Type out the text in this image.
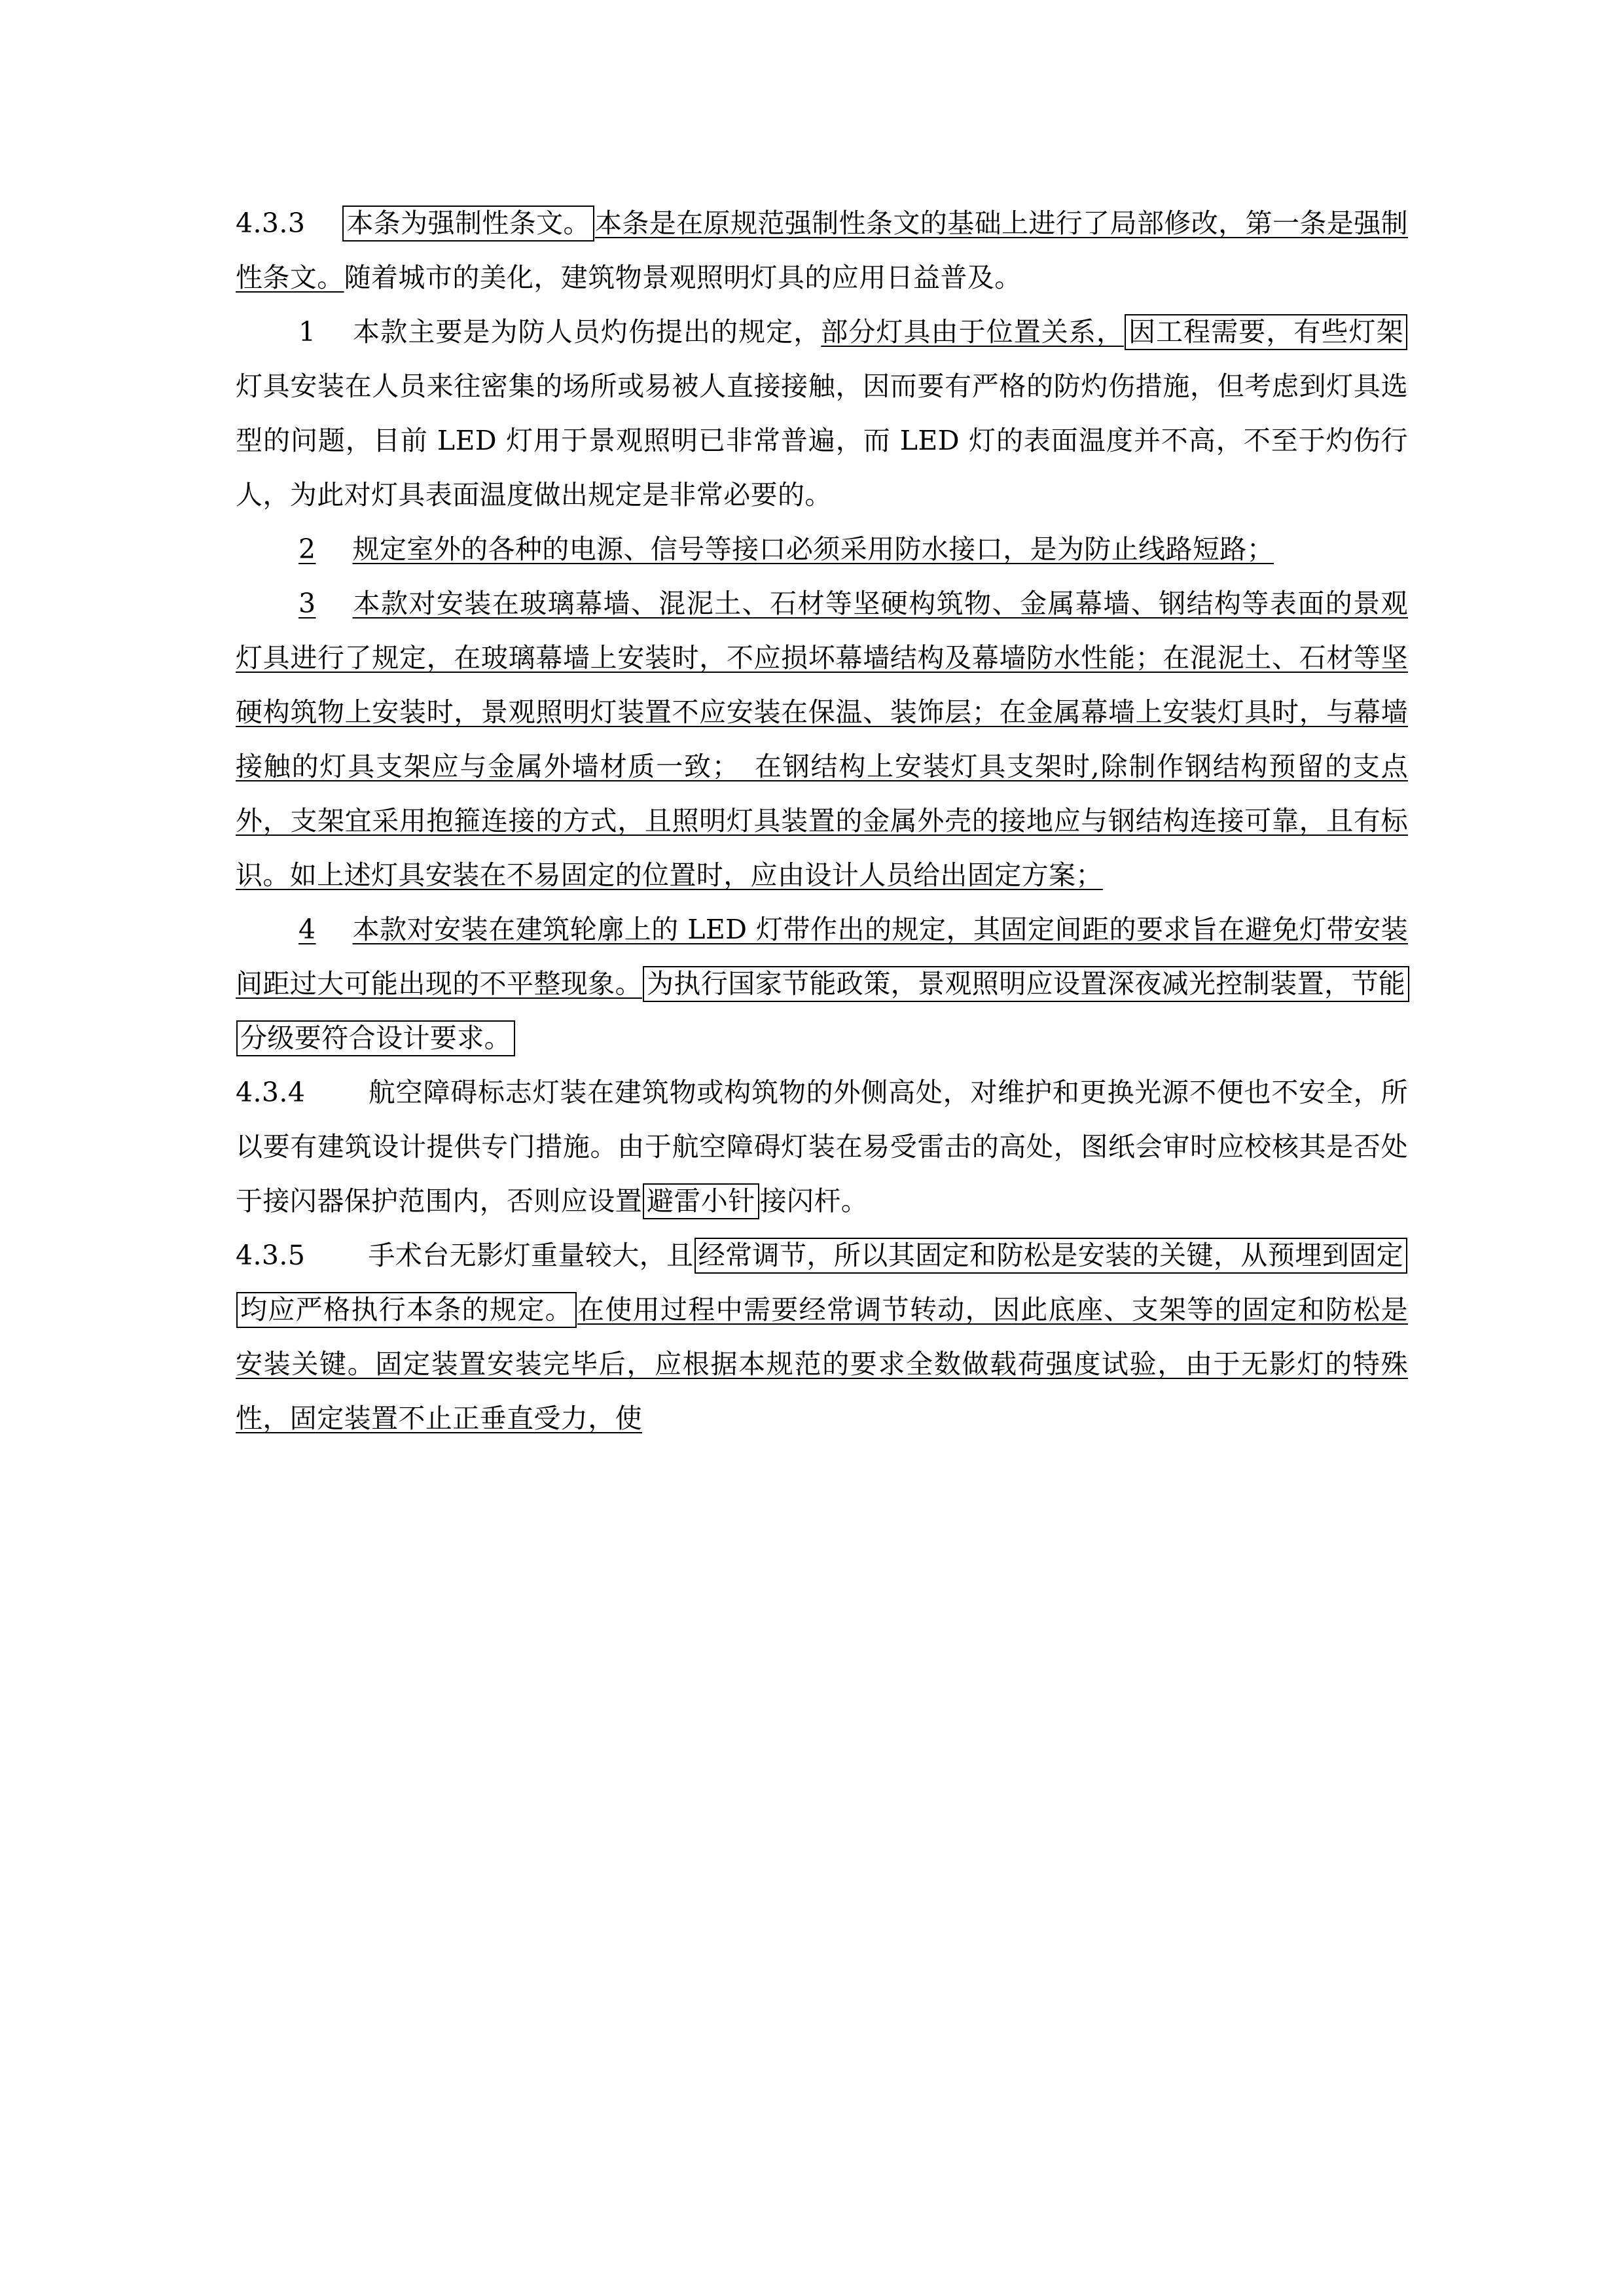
4.3.3 本条为强制性条文。 本条是在原规范强制性条文的基础上进行了局部修改，第一条是强制性条文。随着城市的美化，建筑物景观照明灯具的应用日益普及。

1 本款主要是为防人员灼伤提出的规定，部分灯具由于位置关系， 因工程需要，有些灯架灯具安装在人员来往密集的场所或易被人直接接触，因而要有严格的防灼伤措施，但考虑到灯具选型的问题，目前 LED 灯用于景观照明已非常普遍，而 LED 灯的表面温度并不高，不至于灼伤行人，为此对灯具表面温度做出规定是非常必要的。

2 规定室外的各种的电源、信号等接口必须采用防水接口，是为防止线路短路；

3 本款对安装在玻璃幕墙、混泥土、石材等坚硬构筑物、金属幕墙、钢结构等表面的景观灯具进行了规定，在玻璃幕墙上安装时，不应损坏幕墙结构及幕墙防水性能；在混泥土、石材等坚硬构筑物上安装时，景观照明灯装置不应安装在保温、装饰层；在金属幕墙上安装灯具时，与幕墙接触的灯具支架应与金属外墙材质一致；　在钢结构上安装灯具支架时,除制作钢结构预留的支点外，支架宜采用抱箍连接的方式，且照明灯具装置的金属外壳的接地应与钢结构连接可靠，且有标识。如上述灯具安装在不易固定的位置时，应由设计人员给出固定方案；

4 本款对安装在建筑轮廓上的 LED 灯带作出的规定，其固定间距的要求旨在避免灯带安装间距过大可能出现的不平整现象。 为执行国家节能政策，景观照明应设置深夜减光控制装置，节能分级要符合设计要求。

4.3.4 航空障碍标志灯装在建筑物或构筑物的外侧高处，对维护和更换光源不便也不安全，所以要有建筑设计提供专门措施。由于航空障碍灯装在易受雷击的高处，图纸会审时应校核其是否处于接闪器保护范围内，否则应设置 避雷小针 接闪杆。

4.3.5 手术台无影灯重量较大，且 经常调节，所以其固定和防松是安装的关键，从预埋到固定均应严格执行本条的规定。 在使用过程中需要经常调节转动，因此底座、支架等的固定和防松是安装关键。固定装置安装完毕后，应根据本规范的要求全数做载荷强度试验，由于无影灯的特殊性，固定装置不止正垂直受力，使
